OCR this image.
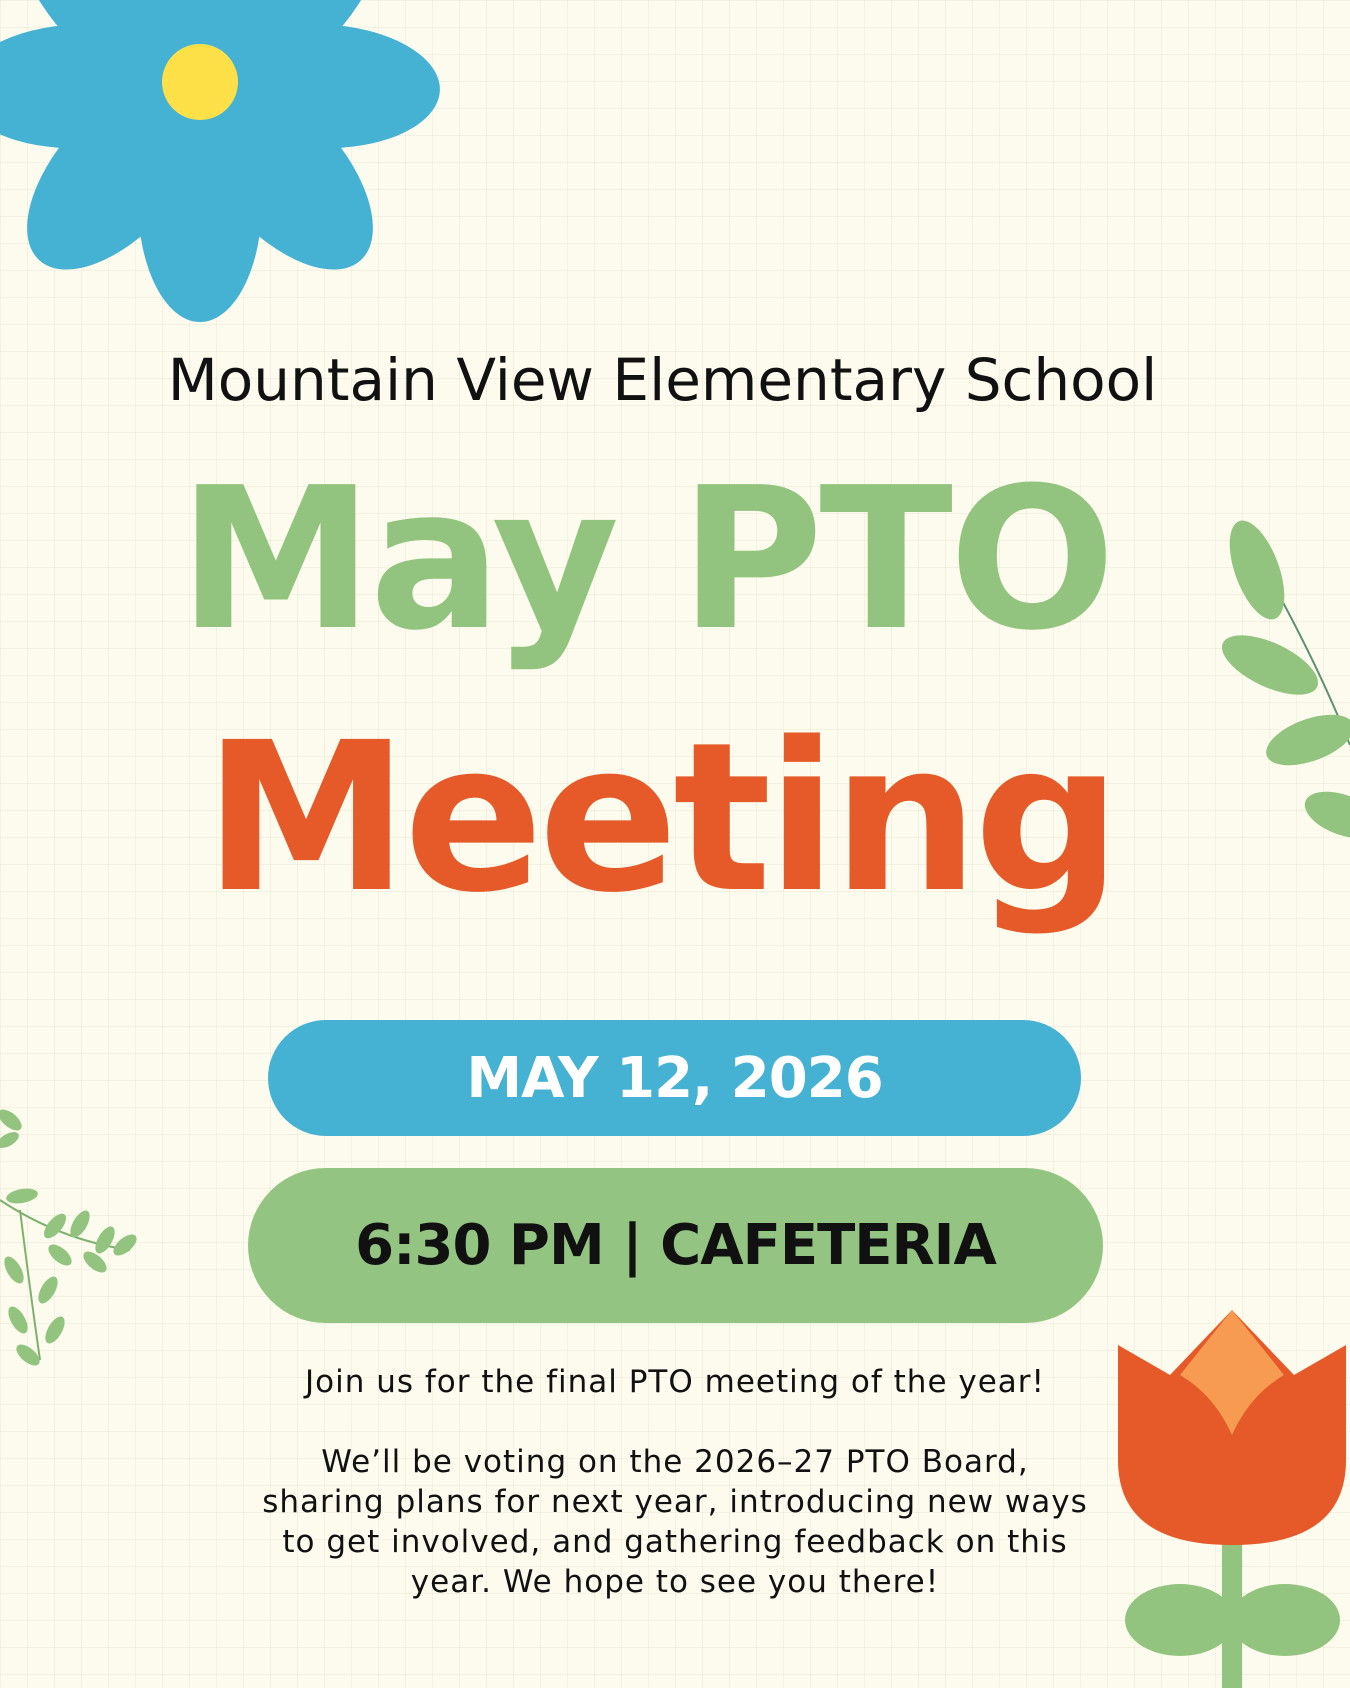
Mountain View Elementary School
May PTO
Meeting
MAY 12, 2026
6:30 PM | CAFETERIA

Join us for the final PTO meeting of the year!

We’ll be voting on the 2026–27 PTO Board, sharing plans for next year, introducing new ways to get involved, and gathering feedback on this year. We hope to see you there!
